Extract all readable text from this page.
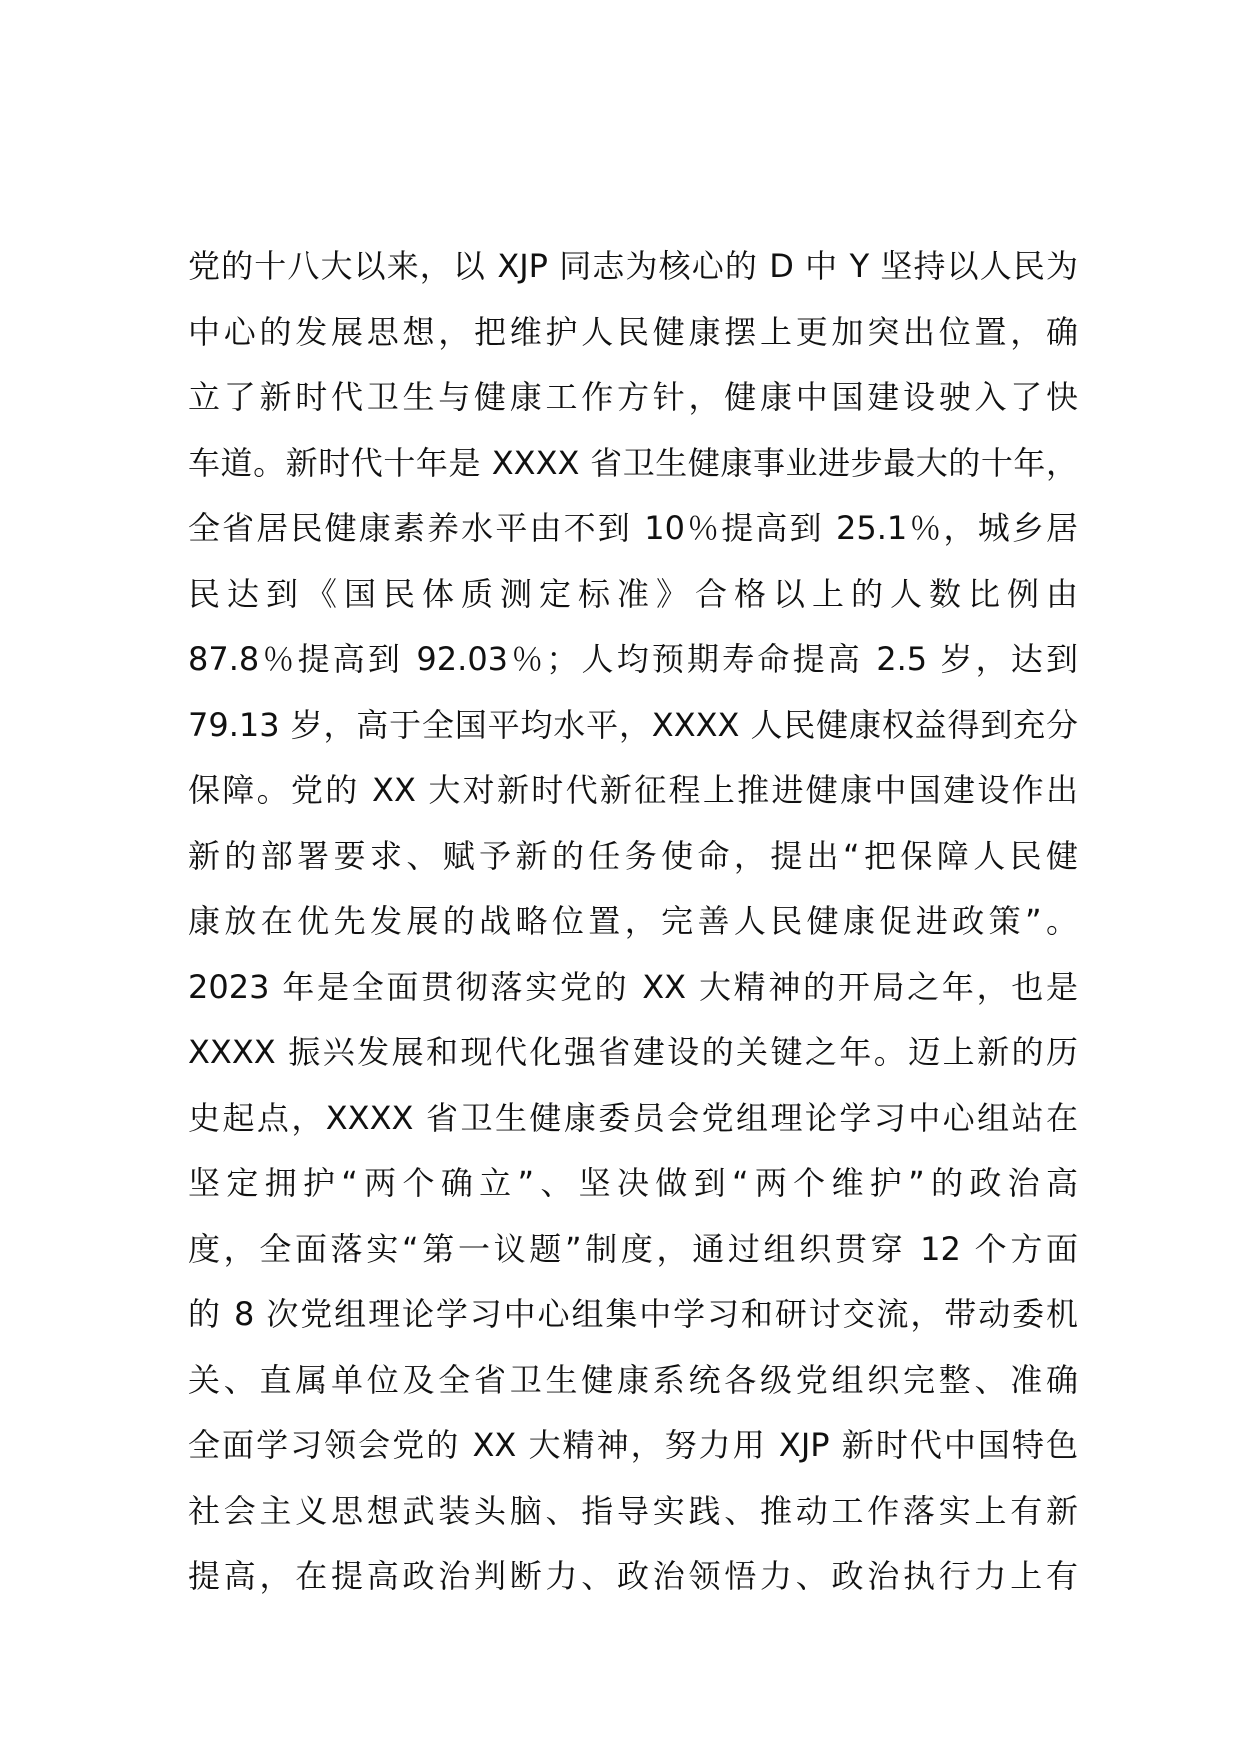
党的十八大以来，以 XJP 同志为核心的 D 中 Y 坚持以人民为
中心的发展思想，把维护人民健康摆上更加突出位置，确
立了新时代卫生与健康工作方针，健康中国建设驶入了快
车道。新时代十年是 XXXX 省卫生健康事业进步最大的十年，
全省居民健康素养水平由不到 10％提高到 25.1％，城乡居
民达到《国民体质测定标准》合格以上的人数比例由
87.8％提高到 92.03％；人均预期寿命提高 2.5 岁，达到
79.13 岁，高于全国平均水平，XXXX 人民健康权益得到充分
保障。党的 XX 大对新时代新征程上推进健康中国建设作出
新的部署要求、赋予新的任务使命，提出“把保障人民健
康放在优先发展的战略位置，完善人民健康促进政策”。
2023 年是全面贯彻落实党的 XX 大精神的开局之年，也是
XXXX 振兴发展和现代化强省建设的关键之年。迈上新的历
史起点，XXXX 省卫生健康委员会党组理论学习中心组站在
坚定拥护“两个确立”、坚决做到“两个维护”的政治高
度，全面落实“第一议题”制度，通过组织贯穿 12 个方面
的 8 次党组理论学习中心组集中学习和研讨交流，带动委机
关、直属单位及全省卫生健康系统各级党组织完整、准确
全面学习领会党的 XX 大精神，努力用 XJP 新时代中国特色
社会主义思想武装头脑、指导实践、推动工作落实上有新
提高，在提高政治判断力、政治领悟力、政治执行力上有
